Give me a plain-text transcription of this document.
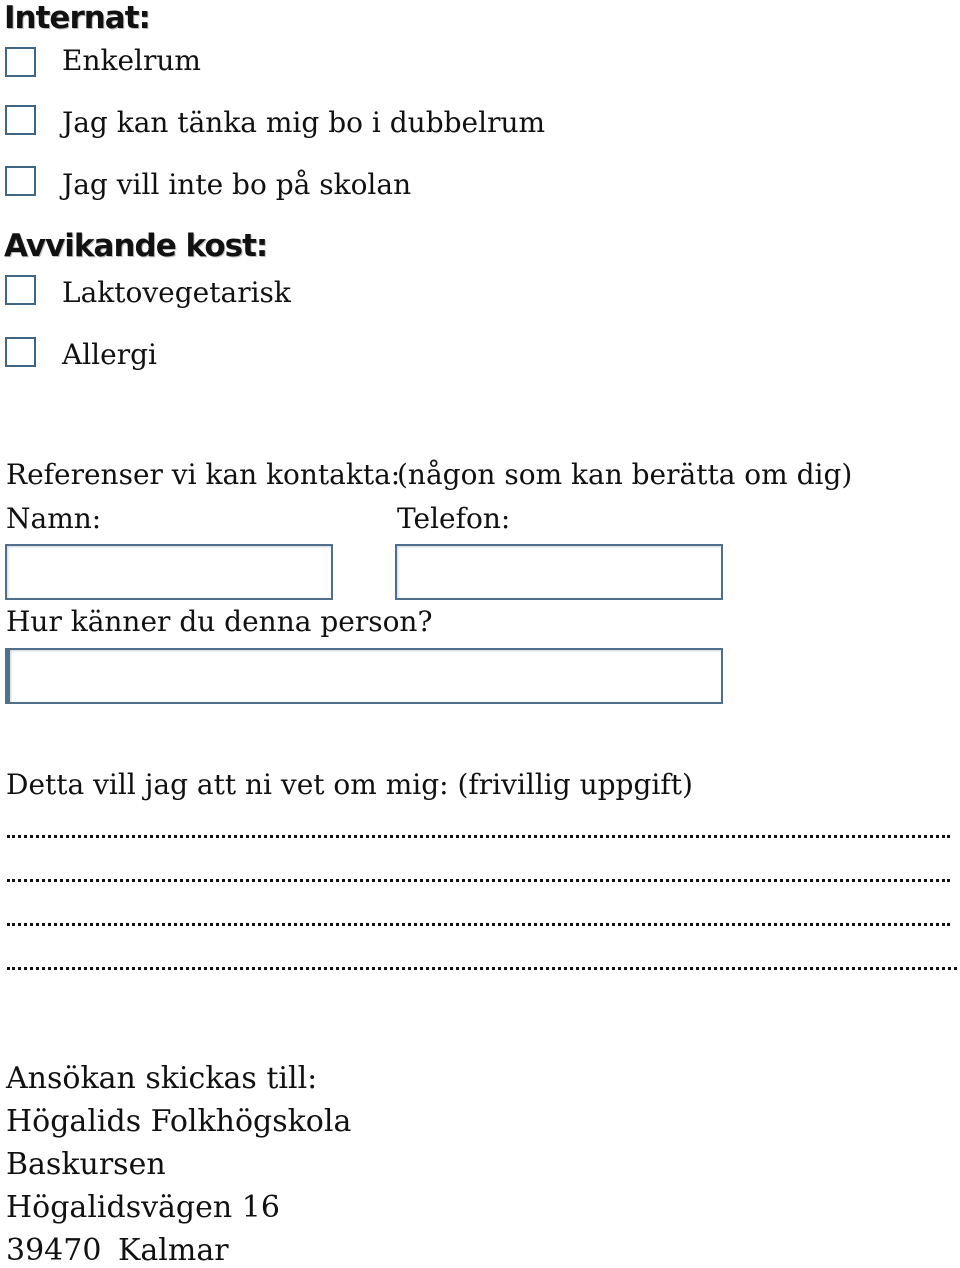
Internat:
Enkelrum
Jag kan tänka mig bo i dubbelrum
Jag vill inte bo på skolan
Avvikande kost:
Laktovegetarisk
Allergi
Referenser vi kan kontakta:
(någon som kan berätta om dig)
Namn:	Telefon:
Hur känner du denna person?
Detta vill jag att ni vet om mig: (frivillig uppgift)
Ansökan skickas till:
Högalids Folkhögskola
Baskursen
Högalidsvägen 16
39470 Kalmar
